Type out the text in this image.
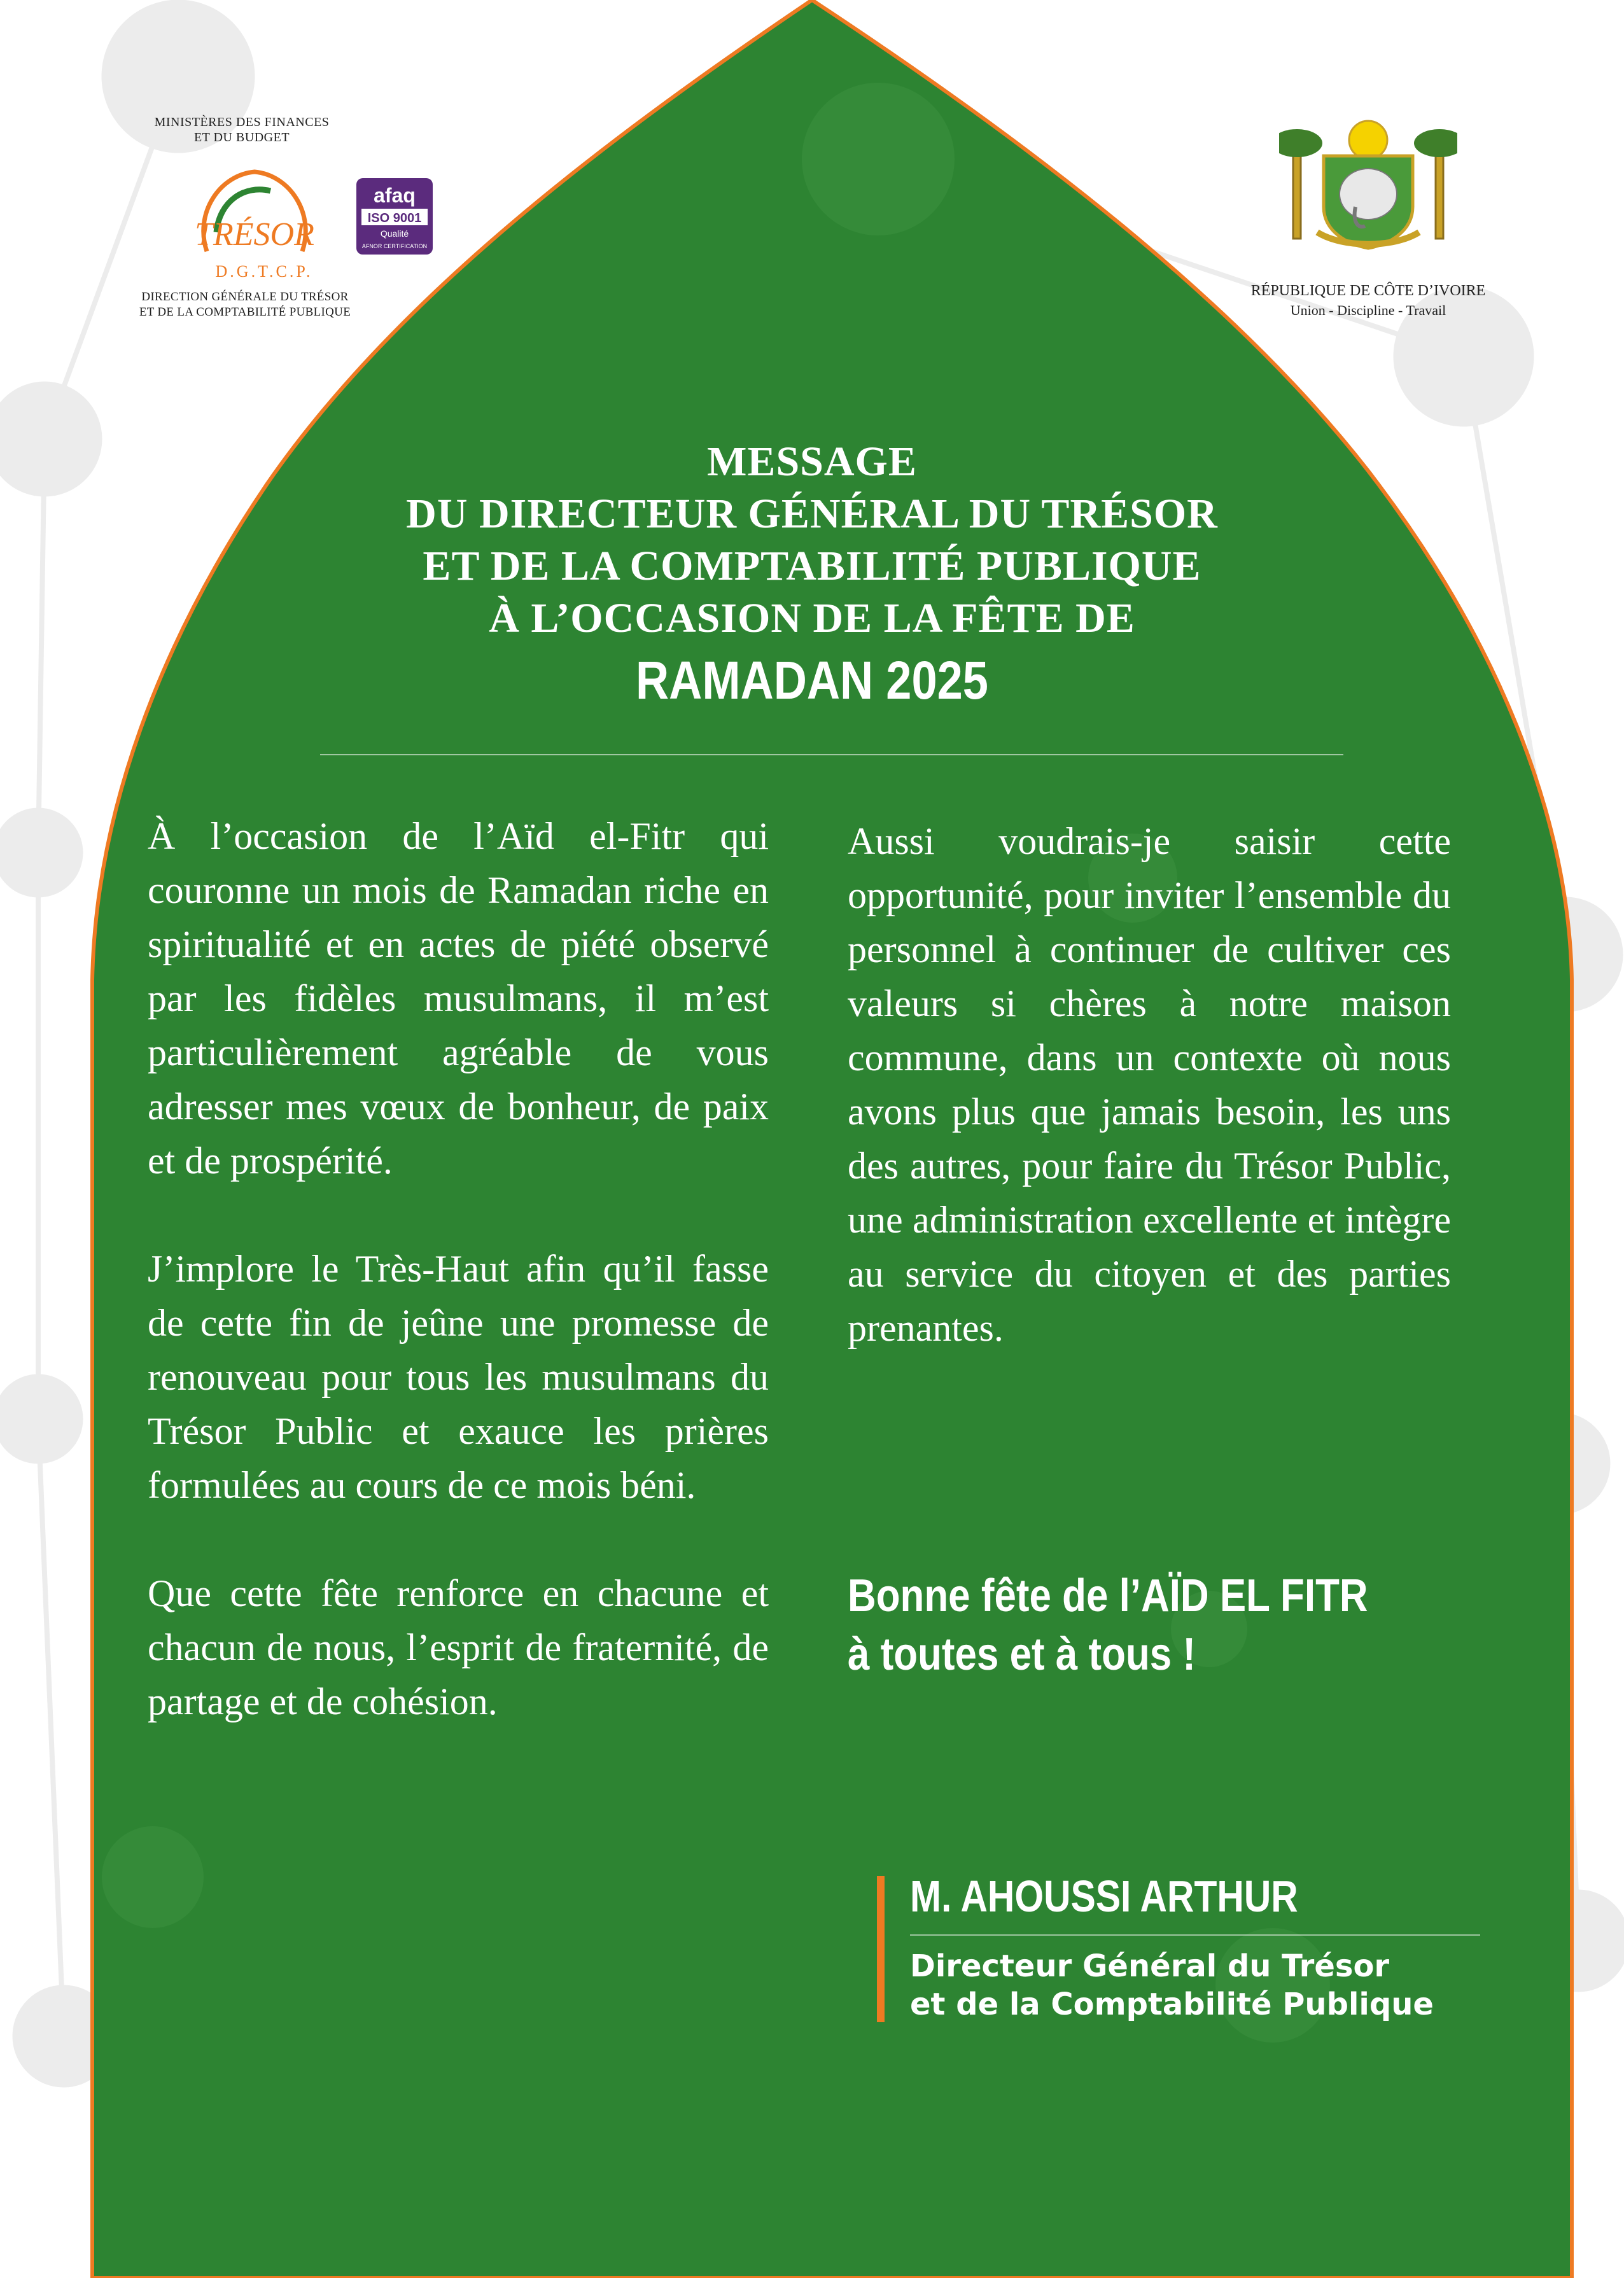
MINISTÈRES DES FINANCES
ET DU BUDGET
TRÉSOR
D.G.T.C.P.
afaq
ISO 9001
Qualité
AFNOR CERTIFICATION
DIRECTION GÉNÉRALE DU TRÉSOR
ET DE LA COMPTABILITÉ PUBLIQUE
RÉPUBLIQUE DE CÔTE D’IVOIRE
Union - Discipline - Travail
MESSAGE
DU DIRECTEUR GÉNÉRAL DU TRÉSOR
ET DE LA COMPTABILITÉ PUBLIQUE
À L’OCCASION DE LA FÊTE DE
RAMADAN 2025

À l’occasion de l’Aïd el-Fitr qui couronne un mois de Ramadan riche en spiritualité et en actes de piété observé par les fidèles musulmans, il m’est particulièrement agréable de vous adresser mes vœux de bonheur, de paix et de prospérité.

J’implore le Très-Haut afin qu’il fasse de cette fin de jeûne une promesse de renouveau pour tous les musulmans du Trésor Public et exauce les prières formulées au cours de ce mois béni.

Que cette fête renforce en chacune et chacun de nous, l’esprit de fraternité, de partage et de cohésion.

Aussi voudrais-je saisir cette opportunité, pour inviter l’ensemble du personnel à continuer de cultiver ces valeurs si chères à notre maison commune, dans un contexte où nous avons plus que jamais besoin, les uns des autres, pour faire du Trésor Public, une administration excellente et intègre au service du citoyen et des parties prenantes.

Bonne fête de l’AÏD EL FITR
à toutes et à tous !
M. AHOUSSI ARTHUR
Directeur Général du Trésor
et de la Comptabilité Publique
